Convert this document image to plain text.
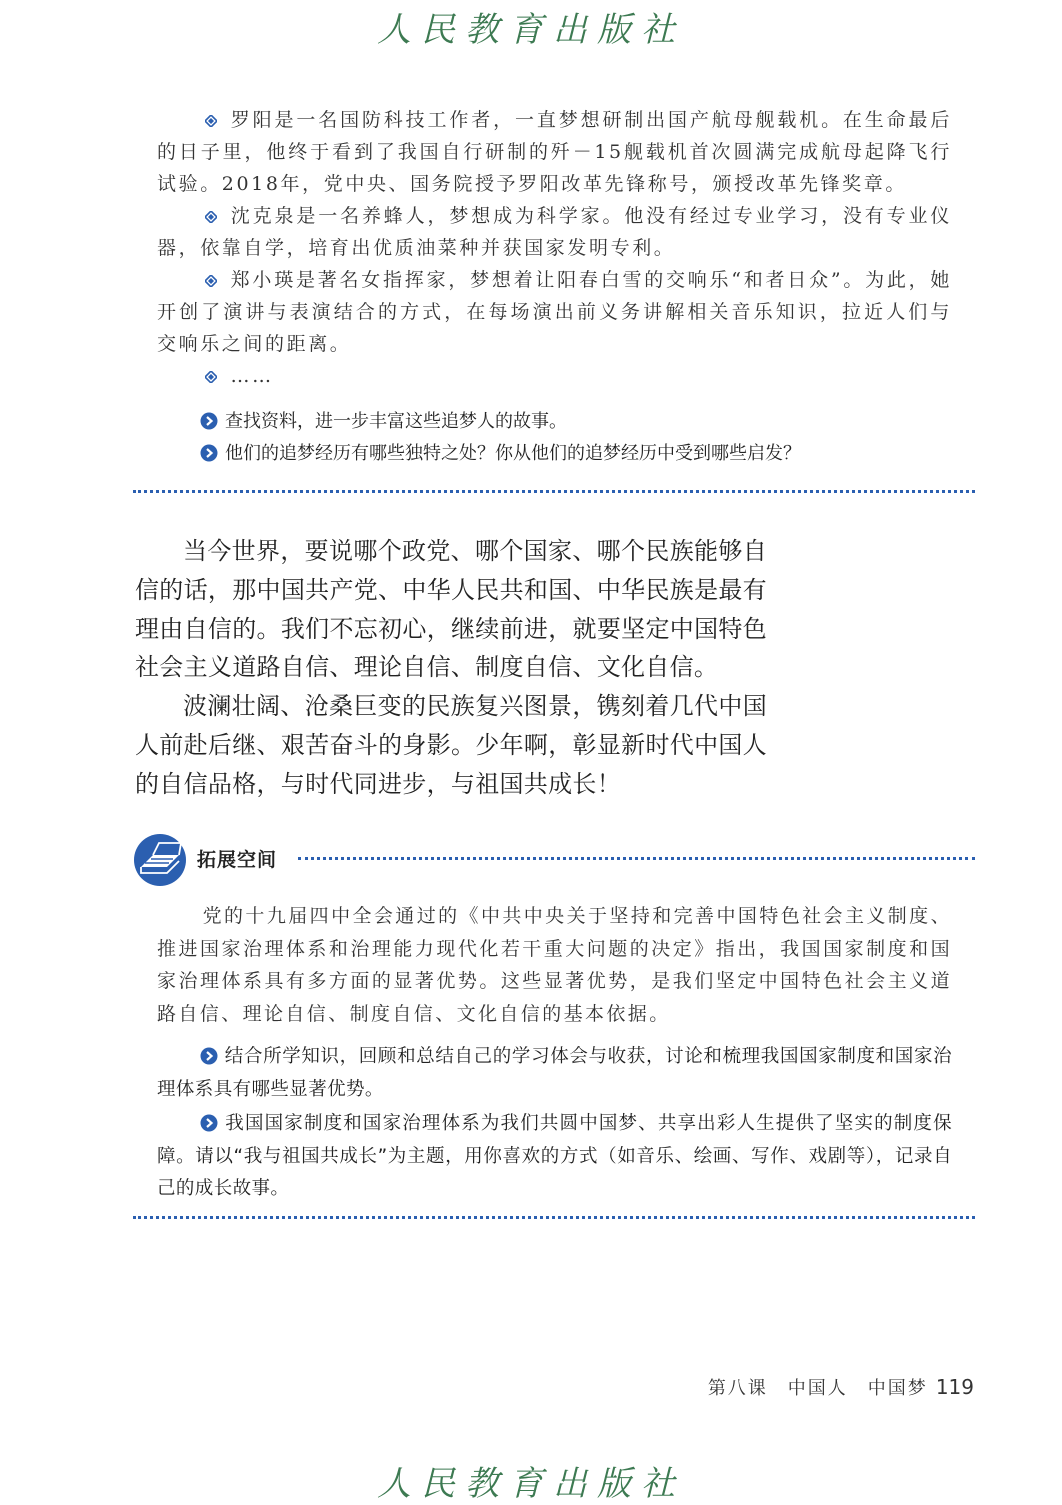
人民教育出版社

罗阳是一名国防科技工作者，一直梦想研制出国产航母舰载机。在生命最后的日子里，他终于看到了我国自行研制的歼－15舰载机首次圆满完成航母起降飞行试验。2018年，党中央、国务院授予罗阳改革先锋称号，颁授改革先锋奖章。

沈克泉是一名养蜂人，梦想成为科学家。他没有经过专业学习，没有专业仪器，依靠自学，培育出优质油菜种并获国家发明专利。

郑小瑛是著名女指挥家，梦想着让阳春白雪的交响乐“和者日众”。为此，她开创了演讲与表演结合的方式，在每场演出前义务讲解相关音乐知识，拉近人们与交响乐之间的距离。

……

查找资料，进一步丰富这些追梦人的故事。

他们的追梦经历有哪些独特之处？你从他们的追梦经历中受到哪些启发？

当今世界，要说哪个政党、哪个国家、哪个民族能够自信的话，那中国共产党、中华人民共和国、中华民族是最有理由自信的。我们不忘初心，继续前进，就要坚定中国特色社会主义道路自信、理论自信、制度自信、文化自信。

波澜壮阔、沧桑巨变的民族复兴图景，镌刻着几代中国人前赴后继、艰苦奋斗的身影。少年啊，彰显新时代中国人的自信品格，与时代同进步，与祖国共成长！

拓展空间

党的十九届四中全会通过的《中共中央关于坚持和完善中国特色社会主义制度、推进国家治理体系和治理能力现代化若干重大问题的决定》指出，我国国家制度和国家治理体系具有多方面的显著优势。这些显著优势，是我们坚定中国特色社会主义道路自信、理论自信、制度自信、文化自信的基本依据。

结合所学知识，回顾和总结自己的学习体会与收获，讨论和梳理我国国家制度和国家治理体系具有哪些显著优势。

我国国家制度和国家治理体系为我们共圆中国梦、共享出彩人生提供了坚实的制度保障。请以“我与祖国共成长”为主题，用你喜欢的方式（如音乐、绘画、写作、戏剧等），记录自己的成长故事。

第八课　中国人　中国梦 119
人民教育出版社
